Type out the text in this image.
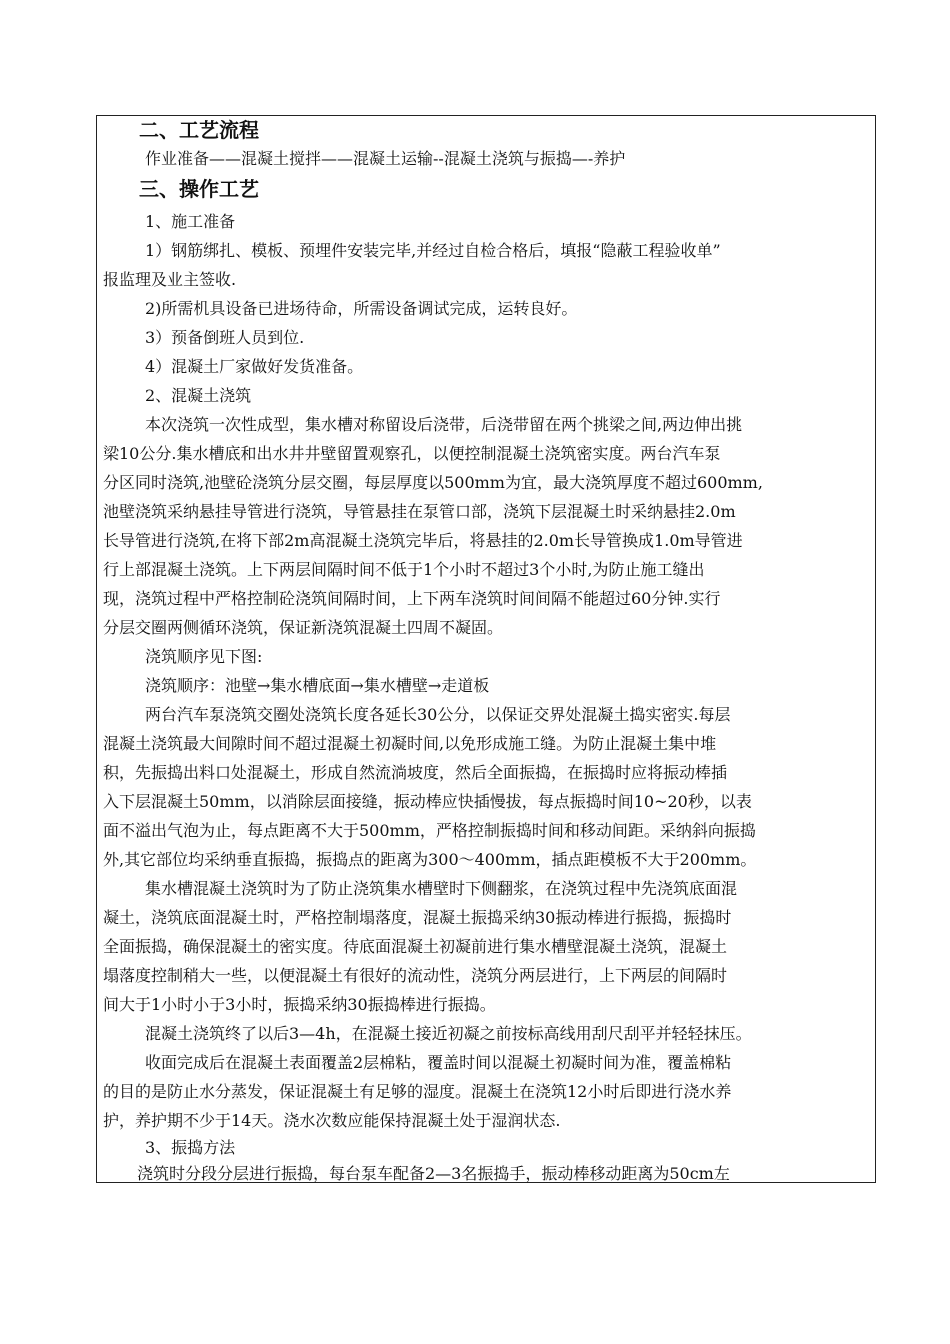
二、工艺流程
作业准备——混凝土搅拌——混凝土运输--混凝土浇筑与振捣—-养护
三、操作工艺
1、施工准备
1）钢筋绑扎、模板、预埋件安装完毕,并经过自检合格后，填报“隐蔽工程验收单”
报监理及业主签收.
2)所需机具设备已进场待命，所需设备调试完成，运转良好。
3）预备倒班人员到位.
4）混凝土厂家做好发货准备。
2、混凝土浇筑
本次浇筑一次性成型，集水槽对称留设后浇带，后浇带留在两个挑梁之间,两边伸出挑
梁10公分.集水槽底和出水井井壁留置观察孔，以便控制混凝土浇筑密实度。两台汽车泵
分区同时浇筑,池壁砼浇筑分层交圈，每层厚度以500mm为宜，最大浇筑厚度不超过600mm,
池壁浇筑采纳悬挂导管进行浇筑，导管悬挂在泵管口部，浇筑下层混凝土时采纳悬挂2.0m
长导管进行浇筑,在将下部2m高混凝土浇筑完毕后，将悬挂的2.0m长导管换成1.0m导管进
行上部混凝土浇筑。上下两层间隔时间不低于1个小时不超过3个小时,为防止施工缝出
现，浇筑过程中严格控制砼浇筑间隔时间，上下两车浇筑时间间隔不能超过60分钟.实行
分层交圈两侧循环浇筑，保证新浇筑混凝土四周不凝固。
浇筑顺序见下图:
浇筑顺序：池壁→集水槽底面→集水槽壁→走道板
两台汽车泵浇筑交圈处浇筑长度各延长30公分，以保证交界处混凝土捣实密实.每层
混凝土浇筑最大间隙时间不超过混凝土初凝时间,以免形成施工缝。为防止混凝土集中堆
积，先振捣出料口处混凝土，形成自然流淌坡度，然后全面振捣，在振捣时应将振动棒插
入下层混凝土50mm，以消除层面接缝，振动棒应快插慢拔，每点振捣时间10~20秒，以表
面不溢出气泡为止，每点距离不大于500mm，严格控制振捣时间和移动间距。采纳斜向振捣
外,其它部位均采纳垂直振捣，振捣点的距离为300～400mm，插点距模板不大于200mm。
集水槽混凝土浇筑时为了防止浇筑集水槽壁时下侧翻浆，在浇筑过程中先浇筑底面混
凝土，浇筑底面混凝土时，严格控制塌落度，混凝土振捣采纳30振动棒进行振捣，振捣时
全面振捣，确保混凝土的密实度。待底面混凝土初凝前进行集水槽壁混凝土浇筑，混凝土
塌落度控制稍大一些，以便混凝土有很好的流动性，浇筑分两层进行，上下两层的间隔时
间大于1小时小于3小时，振捣采纳30振捣棒进行振捣。
混凝土浇筑终了以后3—4h，在混凝土接近初凝之前按标高线用刮尺刮平并轻轻抹压。
收面完成后在混凝土表面覆盖2层棉粘，覆盖时间以混凝土初凝时间为准，覆盖棉粘
的目的是防止水分蒸发，保证混凝土有足够的湿度。混凝土在浇筑12小时后即进行浇水养
护，养护期不少于14天。浇水次数应能保持混凝土处于湿润状态.
3、振捣方法
浇筑时分段分层进行振捣，每台泵车配备2—3名振捣手，振动棒移动距离为50cm左
